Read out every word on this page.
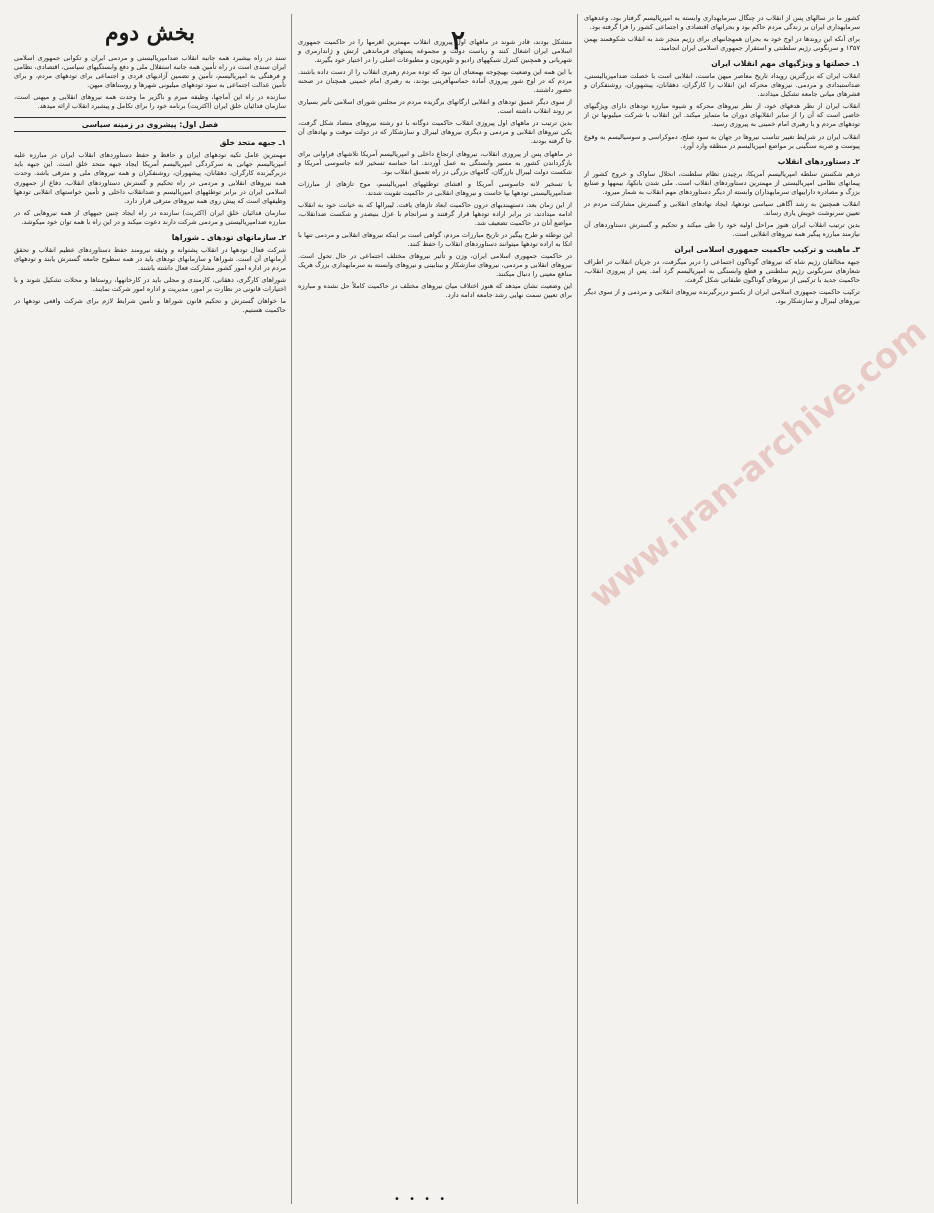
۲
www.iran-archive.com

کشور ما در سالهای پس از انقلاب در چنگال سرمایهداری وابسته به امپریالیسم گرفتار بود، وعدههای سرمایهداری ایران بر زندگی مردم حاکم بود و بحرانهای اقتصادی و اجتماعی کشور را فرا گرفته بود.

برای آنکه این روندها در اوج خود به بحران همهجانبهای برای رژیم منجر شد به انقلاب شکوهمند بهمن ۱۳۵۷ و سرنگونی رژیم سلطنتی و استقرار جمهوری اسلامی ایران انجامید.

۱ـ خصلتها و ویژگیهای مهم انقلاب ایران

انقلاب ایران که بزرگترین رویداد تاریخ معاصر میهن ماست، انقلابی است با خصلت ضدامپریالیستی، ضداستبدادی و مردمی. نیروهای محرکه این انقلاب را کارگران، دهقانان، پیشهوران، روشنفکران و قشرهای میانی جامعه تشکیل میدادند.

انقلاب ایران از نظر هدفهای خود، از نظر نیروهای محرکه و شیوه مبارزه تودهای دارای ویژگیهای خاصی است که آن را از سایر انقلابهای دوران ما متمایز میکند. این انقلاب با شرکت میلیونها تن از تودههای مردم و با رهبری امام خمینی به پیروزی رسید.

انقلاب ایران در شرایط تغییر تناسب نیروها در جهان به سود صلح، دموکراسی و سوسیالیسم به وقوع پیوست و ضربه سنگینی بر مواضع امپریالیسم در منطقه وارد آورد.

۲ـ دستاوردهای انقلاب

درهم شکستن سلطه امپریالیسم آمریکا، برچیدن نظام سلطنت، انحلال ساواک و خروج کشور از پیمانهای نظامی امپریالیستی از مهمترین دستاوردهای انقلاب است. ملی شدن بانکها، بیمهها و صنایع بزرگ و مصادره داراییهای سرمایهداران وابسته از دیگر دستاوردهای مهم انقلاب به شمار میرود.

انقلاب همچنین به رشد آگاهی سیاسی تودهها، ایجاد نهادهای انقلابی و گسترش مشارکت مردم در تعیین سرنوشت خویش یاری رساند.

بدین ترتیب انقلاب ایران هنوز مراحل اولیه خود را طی میکند و تحکیم و گسترش دستاوردهای آن نیازمند مبارزه پیگیر همه نیروهای انقلابی است.

۳ـ ماهیت و ترکیب حاکمیت جمهوری اسلامی ایران

جبهه مخالفان رژیم شاه که نیروهای گوناگون اجتماعی را دربر میگرفت، در جریان انقلاب در اطراف شعارهای سرنگونی رژیم سلطنتی و قطع وابستگی به امپریالیسم گرد آمد. پس از پیروزی انقلاب، حاکمیت جدید با ترکیبی از نیروهای گوناگون طبقاتی شکل گرفت.

ترکیب حاکمیت جمهوری اسلامی ایران از یکسو دربرگیرنده نیروهای انقلابی و مردمی و از سوی دیگر نیروهای لیبرال و سازشکار بود.

متشکل بودند، قادر شوند در ماههای اول پیروزی انقلاب مهمترین اهرمها را در حاکمیت جمهوری اسلامی ایران اشغال کنند و ریاست دولت و مجموعه پستهای فرماندهی ارتش و ژاندارمری و شهربانی و همچنین کنترل شبکههای رادیو و تلویزیون و مطبوعات اصلی را در اختیار خود بگیرند.

با این همه این وضعیت بهیچوجه بهمعنای آن نبود که توده مردم رهبری انقلاب را از دست داده باشند. مردم که در اوج شور پیروزی آماده حماسهآفرینی بودند، به رهبری امام خمینی همچنان در صحنه حضور داشتند.

از سوی دیگر عمیق تودهای و انقلابی ارگانهای برگزیده مردم در مجلس شورای اسلامی تأثیر بسیاری بر روند انقلاب داشته است.

بدین ترتیب در ماههای اول پیروزی انقلاب حاکمیت دوگانه با دو رشته نیروهای متضاد شکل گرفت، یکی نیروهای انقلابی و مردمی و دیگری نیروهای لیبرال و سازشکار که در دولت موقت و نهادهای آن جا گرفته بودند.

در ماههای پس از پیروزی انقلاب، نیروهای ارتجاع داخلی و امپریالیسم آمریکا تلاشهای فراوانی برای بازگرداندن کشور به مسیر وابستگی به عمل آوردند. اما حماسه تسخیر لانه جاسوسی آمریکا و شکست دولت لیبرال بازرگان، گامهای بزرگی در راه تعمیق انقلاب بود.

با تسخیر لانه جاسوسی آمریکا و افشای توطئههای امپریالیسم، موج تازهای از مبارزات ضدامپریالیستی تودهها بپا خاست و نیروهای انقلابی در حاکمیت تقویت شدند.

از این زمان بعد، دستهبندیهای درون حاکمیت ابعاد تازهای یافت. لیبرالها که به خیانت خود به انقلاب ادامه میدادند، در برابر اراده تودهها قرار گرفتند و سرانجام با عزل بنیصدر و شکست ضدانقلاب، مواضع آنان در حاکمیت تضعیف شد.

این توطئه و طرح پیگیر در تاریخ مبارزات مردم، گواهی است بر اینکه نیروهای انقلابی و مردمی تنها با اتکا به اراده تودهها میتوانند دستاوردهای انقلاب را حفظ کنند.

در حاکمیت جمهوری اسلامی ایران، وزن و تأثیر نیروهای مختلف اجتماعی در حال تحول است. نیروهای انقلابی و مردمی، نیروهای سازشکار و بینابینی و نیروهای وابسته به سرمایهداری بزرگ هریک منافع معینی را دنبال میکنند.

این وضعیت نشان میدهد که هنوز اختلاف میان نیروهای مختلف در حاکمیت کاملاً حل نشده و مبارزه برای تعیین سمت نهایی رشد جامعه ادامه دارد.

بخش دوم

سند در راه بیشبرد همه جانبه انقلاب ضدامپریالیستی و مردمی ایران و تکوانی جمهوری اسلامی ایران سندی است در راه تأمین همه جانبه استقلال ملی و دفع وابستگیهای سیاسی، اقتصادی، نظامی و فرهنگی به امپریالیسم، تأمین و تضمین آزادیهای فردی و اجتماعی برای تودههای مردم، و برای تأمین عدالت اجتماعی به سود تودههای میلیونی شهرها و روستاهای میهن.

سازنده در راه این آماجها، وظیفه مبرم و ناگزیر ما وحدت همه نیروهای انقلابی و میهنی است، سازمان فدائیان خلق ایران (اکثریت) برنامه خود را برای تکامل و پیشبرد انقلاب ارائه میدهد.

فصل اول: پیشروی در زمینه سیاسی
۱ـ جبهه متحد خلق

مهمترین عامل تکیه تودههای ایران و حافظ و حفظ دستاوردهای انقلاب ایران در مبارزه علیه امپریالیسم جهانی به سرکردگی امپریالیسم آمریکا ایجاد جبهه متحد خلق است. این جبهه باید دربرگیرنده کارگران، دهقانان، پیشهوران، روشنفکران و همه نیروهای ملی و مترقی باشد. وحدت همه نیروهای انقلابی و مردمی در راه تحکیم و گسترش دستاوردهای انقلاب، دفاع از جمهوری اسلامی ایران در برابر توطئههای امپریالیسم و ضدانقلاب داخلی و تأمین خواستهای انقلابی تودهها وظیفهای است که پیش روی همه نیروهای مترقی قرار دارد.

سازمان فدائیان خلق ایران (اکثریت) سازنده در راه ایجاد چنین جبههای از همه نیروهایی که در مبارزه ضدامپریالیستی و مردمی شرکت دارند دعوت میکند و در این راه با همه توان خود میکوشد.

۲ـ سازمانهای تودهای ـ شوراها

شرکت فعال تودهها در انقلاب پشتوانه و وثیقه نیرومند حفظ دستاوردهای عظیم انقلاب و تحقق آرمانهای آن است. شوراها و سازمانهای تودهای باید در همه سطوح جامعه گسترش یابند و تودههای مردم در اداره امور کشور مشارکت فعال داشته باشند.

شوراهای کارگری، دهقانی، کارمندی و محلی باید در کارخانهها، روستاها و محلات تشکیل شوند و با اختیارات قانونی در نظارت بر امور، مدیریت و اداره امور شرکت نمایند.

ما خواهان گسترش و تحکیم قانون شوراها و تأمین شرایط لازم برای شرکت واقعی تودهها در حاکمیت هستیم.

• • • •
